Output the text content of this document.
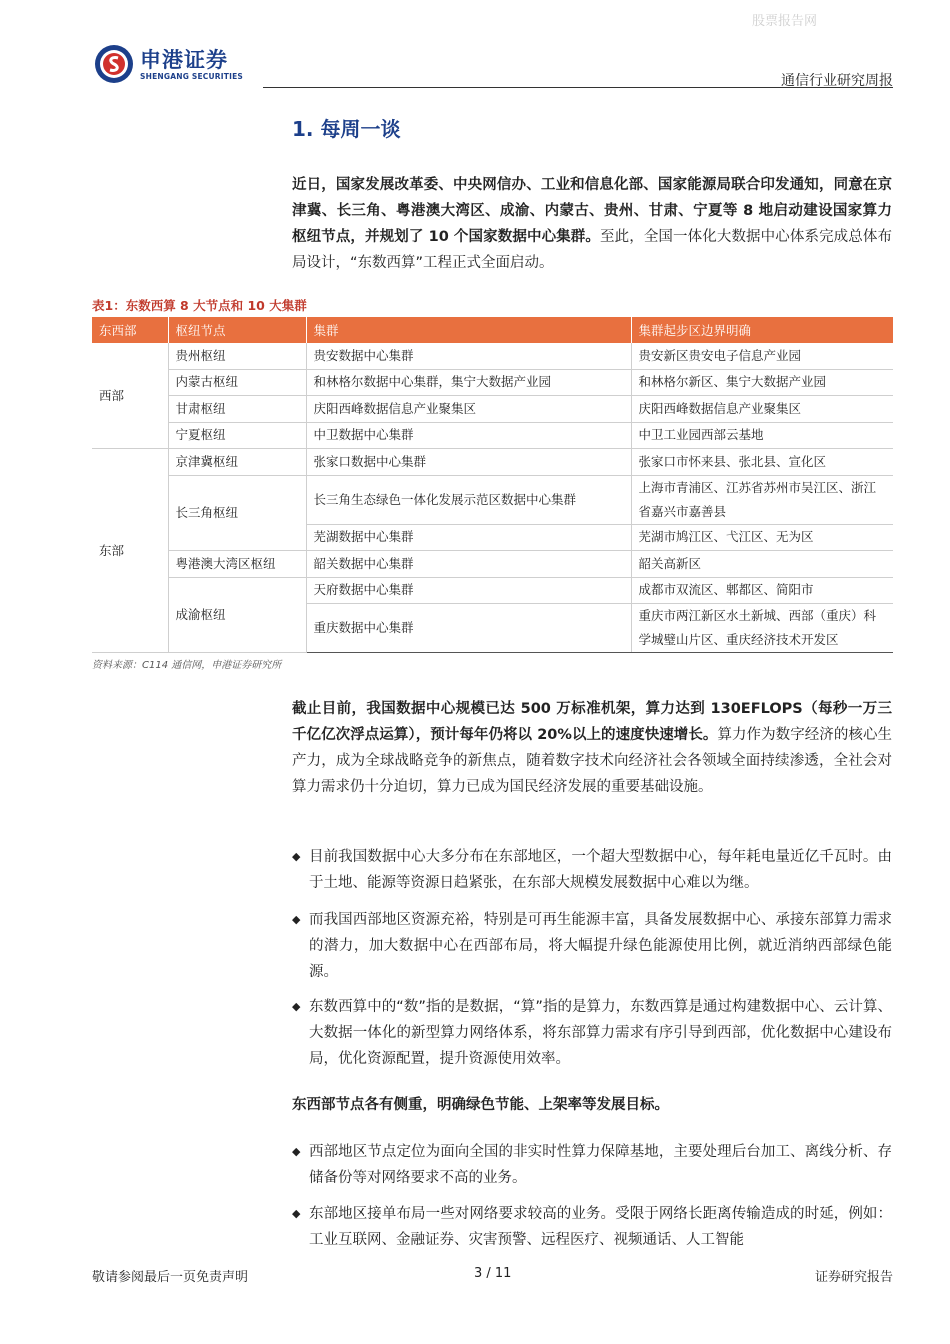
股票报告网
申港证券
SHENGANG SECURITIES	通信行业研究周报
1. 每周一谈

近日，国家发展改革委、中央网信办、工业和信息化部、国家能源局联合印发通知，同意在京津冀、长三角、粤港澳大湾区、成渝、内蒙古、贵州、甘肃、宁夏等 8 地启动建设国家算力枢纽节点，并规划了 10 个国家数据中心集群。至此，全国一体化大数据中心体系完成总体布局设计，“东数西算”工程正式全面启动。

表1：东数西算 8 大节点和 10 大集群
东西部	枢纽节点	集群	集群起步区边界明确
西部	贵州枢纽	贵安数据中心集群	贵安新区贵安电子信息产业园
	内蒙古枢纽	和林格尔数据中心集群，集宁大数据产业园	和林格尔新区、集宁大数据产业园
	甘肃枢纽	庆阳西峰数据信息产业聚集区	庆阳西峰数据信息产业聚集区
	宁夏枢纽	中卫数据中心集群	中卫工业园西部云基地
东部	京津冀枢纽	张家口数据中心集群	张家口市怀来县、张北县、宣化区
	长三角枢纽	长三角生态绿色一体化发展示范区数据中心集群	上海市青浦区、江苏省苏州市吴江区、浙江省嘉兴市嘉善县
		芜湖数据中心集群	芜湖市鸠江区、弋江区、无为区
	粤港澳大湾区枢纽	韶关数据中心集群	韶关高新区
	成渝枢纽	天府数据中心集群	成都市双流区、郫都区、简阳市
		重庆数据中心集群	重庆市两江新区水土新城、西部（重庆）科学城璧山片区、重庆经济技术开发区
资料来源：C114 通信网，申港证券研究所

截止目前，我国数据中心规模已达 500 万标准机架，算力达到 130EFLOPS（每秒一万三千亿亿次浮点运算），预计每年仍将以 20%以上的速度快速增长。算力作为数字经济的核心生产力，成为全球战略竞争的新焦点，随着数字技术向经济社会各领域全面持续渗透，全社会对算力需求仍十分迫切，算力已成为国民经济发展的重要基础设施。

◆ 目前我国数据中心大多分布在东部地区，一个超大型数据中心，每年耗电量近亿千瓦时。由于土地、能源等资源日趋紧张，在东部大规模发展数据中心难以为继。
◆ 而我国西部地区资源充裕，特别是可再生能源丰富，具备发展数据中心、承接东部算力需求的潜力，加大数据中心在西部布局，将大幅提升绿色能源使用比例，就近消纳西部绿色能源。
◆ 东数西算中的“数”指的是数据，“算”指的是算力，东数西算是通过构建数据中心、云计算、大数据一体化的新型算力网络体系，将东部算力需求有序引导到西部，优化数据中心建设布局，优化资源配置，提升资源使用效率。
东西部节点各有侧重，明确绿色节能、上架率等发展目标。
◆ 西部地区节点定位为面向全国的非实时性算力保障基地，主要处理后台加工、离线分析、存储备份等对网络要求不高的业务。
◆ 东部地区接单布局一些对网络要求较高的业务。受限于网络长距离传输造成的时延，例如：工业互联网、金融证券、灾害预警、远程医疗、视频通话、人工智能
敬请参阅最后一页免责声明	3 / 11	证券研究报告
